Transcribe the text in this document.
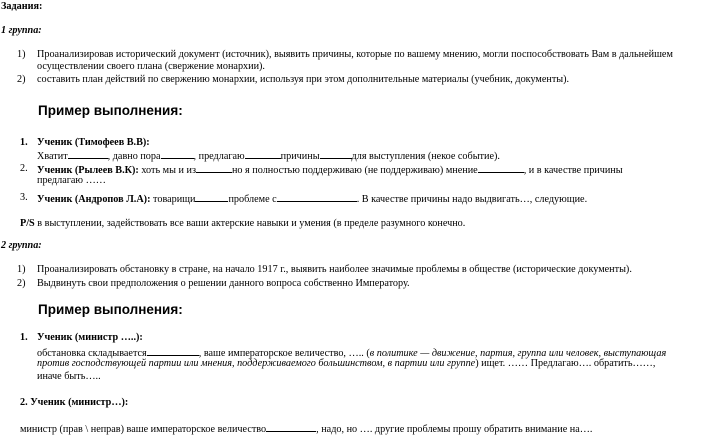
Задания:
1 группа:
1) Проанализировав исторический документ (источник), выявить причины, которые по вашему мнению, могли поспособствовать Вам в дальнейшем
осуществлении своего плана (свержение монархии).
2) составить план действий по свержению монархии, используя при этом дополнительные материалы (учебник, документы).
Пример выполнения:
1. Ученик (Тимофеев В.В):
Хватит	, давно пора	, предлагаю	причины	для выступления (некое событие).
2. Ученик (Рылеев В.К): хоть мы и из	но я полностью поддерживаю (не поддерживаю) мнение	, и в качестве причины
предлагаю ……
3. Ученик (Андропов Л.А): товарищи	проблеме с	. В качестве причины надо выдвигать…, следующие.
P/S в выступлении, задействовать все ваши актерские навыки и умения (в пределе разумного конечно.
2 группа:
1) Проанализировать обстановку в стране, на начало 1917 г., выявить наиболее значимые проблемы в обществе (исторические документы).
2) Выдвинуть свои предположения о решении данного вопроса собственно Императору.
Пример выполнения:
1. Ученик (министр …..):
обстановка складывается	, ваше императорское величество, ….. (в политике — движение, партия, группа или человек, выступающая
против господствующей партии или мнения, поддерживаемого большинством, в партии или группе) ищет. …… Предлагаю…. обратить……,
иначе быть…..
2. Ученик (министр…):
министр (прав \ неправ) ваше императорское величество	, надо, но …. другие проблемы прошу обратить внимание на….
